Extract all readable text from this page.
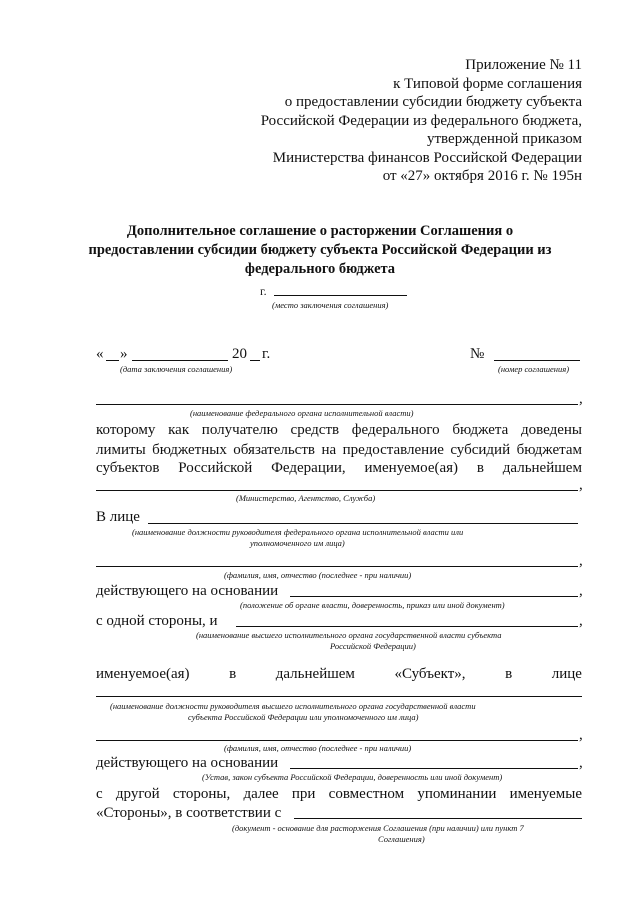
Приложение № 11
к Типовой форме соглашения
о предоставлении субсидии бюджету субъекта
Российской Федерации из федерального бюджета,
утвержденной приказом
Министерства финансов Российской Федерации
от «27» октября 2016 г. № 195н
Дополнительное соглашение о расторжении Соглашения о
предоставлении субсидии бюджету субъекта Российской Федерации из
федерального бюджета
г.
(место заключения соглашения)
« »	20 г.
(дата заключения соглашения)
№
(номер соглашения)
,
(наименование федерального органа исполнительной власти)
которому как получателю средств федерального бюджета доведены
лимиты бюджетных обязательств на предоставление субсидий бюджетам
субъектов Российской Федерации, именуемое(ая) в дальнейшем
,
(Министерство, Агентство, Служба)
В лице
(наименование должности руководителя федерального органа исполнительной власти или
уполномоченного им лица)
,
(фамилия, имя, отчество (последнее - при наличии)
действующего на основании	,
(положение об органе власти, доверенность, приказ или иной документ)
с одной стороны, и	,
(наименование высшего исполнительного органа государственной власти субъекта
Российской Федерации)
именуемое(ая)	в	дальнейшем	«Субъект»,	в	лице
(наименование должности руководителя высшего исполнительного органа государственной власти
субъекта Российской Федерации или уполномоченного им лица)
,
(фамилия, имя, отчество (последнее - при наличии)
действующего на основании	,
(Устав, закон субъекта Российской Федерации, доверенность или иной документ)
с другой стороны, далее при совместном упоминании именуемые
«Стороны», в соответствии с
(документ - основание для расторжения Соглашения (при наличии) или пункт 7
Соглашения)
